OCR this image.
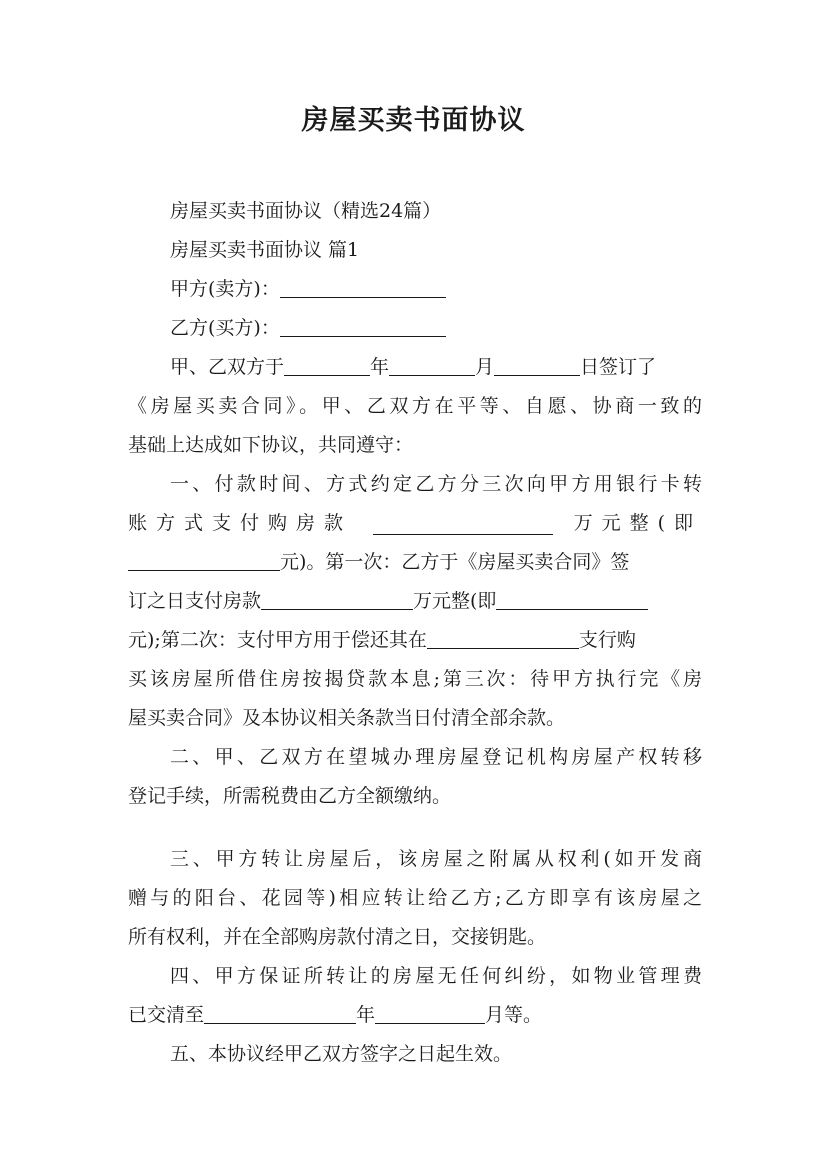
房屋买卖书面协议
房屋买卖书面协议（精选24篇）
房屋买卖书面协议 篇1
甲方(卖方)：
乙方(买方)：
甲、乙双方于	年	月	日签订了
《房屋买卖合同》。甲、乙双方在平等、自愿、协商一致的
基础上达成如下协议，共同遵守：
一、付款时间、方式约定乙方分三次向甲方用银行卡转
账方式支付购房款	万元整(即
元)。第一次：乙方于《房屋买卖合同》签
订之日支付房款	万元整(即
元);第二次：支付甲方用于偿还其在	支行购
买该房屋所借住房按揭贷款本息;第三次：待甲方执行完《房
屋买卖合同》及本协议相关条款当日付清全部余款。
二、甲、乙双方在望城办理房屋登记机构房屋产权转移
登记手续，所需税费由乙方全额缴纳。
三、甲方转让房屋后，该房屋之附属从权利(如开发商
赠与的阳台、花园等)相应转让给乙方;乙方即享有该房屋之
所有权利，并在全部购房款付清之日，交接钥匙。
四、甲方保证所转让的房屋无任何纠纷，如物业管理费
已交清至	年	月等。
五、本协议经甲乙双方签字之日起生效。
